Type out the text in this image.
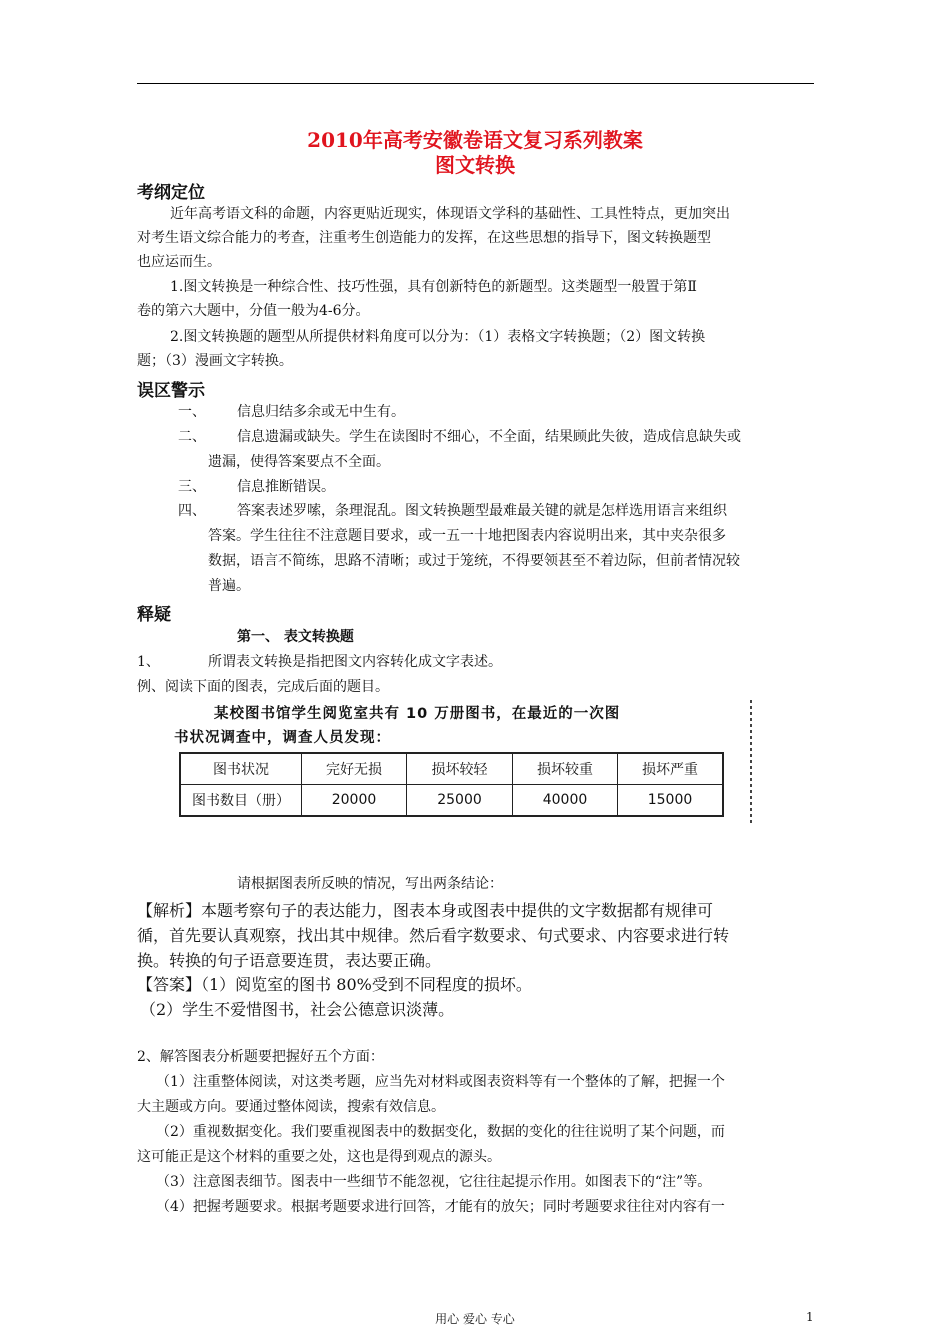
2010年高考安徽卷语文复习系列教案
图文转换
考纲定位
近年高考语文科的命题，内容更贴近现实，体现语文学科的基础性、工具性特点，更加突出
对考生语文综合能力的考查，注重考生创造能力的发挥，在这些思想的指导下，图文转换题型
也应运而生。
1.图文转换是一种综合性、技巧性强，具有创新特色的新题型。这类题型一般置于第Ⅱ
卷的第六大题中，分值一般为4-6分。
2.图文转换题的题型从所提供材料角度可以分为：（1）表格文字转换题；（2）图文转换
题；（3）漫画文字转换。
误区警示
一、 信息归结多余或无中生有。
二、 信息遗漏或缺失。学生在读图时不细心，不全面，结果顾此失彼，造成信息缺失或
遗漏，使得答案要点不全面。
三、 信息推断错误。
四、 答案表述罗嗦，条理混乱。图文转换题型最难最关键的就是怎样选用语言来组织
答案。学生往往不注意题目要求，或一五一十地把图表内容说明出来，其中夹杂很多
数据，语言不简练，思路不清晰；或过于笼统，不得要领甚至不着边际，但前者情况较
普遍。
释疑
第一、 表文转换题
1、	所谓表文转换是指把图文内容转化成文字表述。
例、阅读下面的图表，完成后面的题目。
某校图书馆学生阅览室共有 10 万册图书，在最近的一次图
书状况调查中，调查人员发现：
图书状况	完好无损	损坏较轻	损坏较重	损坏严重
图书数目（册）	20000	25000	40000	15000
请根据图表所反映的情况，写出两条结论：
【解析】本题考察句子的表达能力，图表本身或图表中提供的文字数据都有规律可
循，首先要认真观察，找出其中规律。然后看字数要求、句式要求、内容要求进行转
换。转换的句子语意要连贯，表达要正确。
【答案】（1）阅览室的图书 80%受到不同程度的损坏。
（2）学生不爱惜图书，社会公德意识淡薄。
2、解答图表分析题要把握好五个方面：
（1）注重整体阅读，对这类考题，应当先对材料或图表资料等有一个整体的了解，把握一个
大主题或方向。要通过整体阅读，搜索有效信息。
（2）重视数据变化。我们要重视图表中的数据变化，数据的变化的往往说明了某个问题，而
这可能正是这个材料的重要之处，这也是得到观点的源头。
（3）注意图表细节。图表中一些细节不能忽视，它往往起提示作用。如图表下的“注”等。
（4）把握考题要求。根据考题要求进行回答，才能有的放矢；同时考题要求往往对内容有一
用心 爱心 专心	1
